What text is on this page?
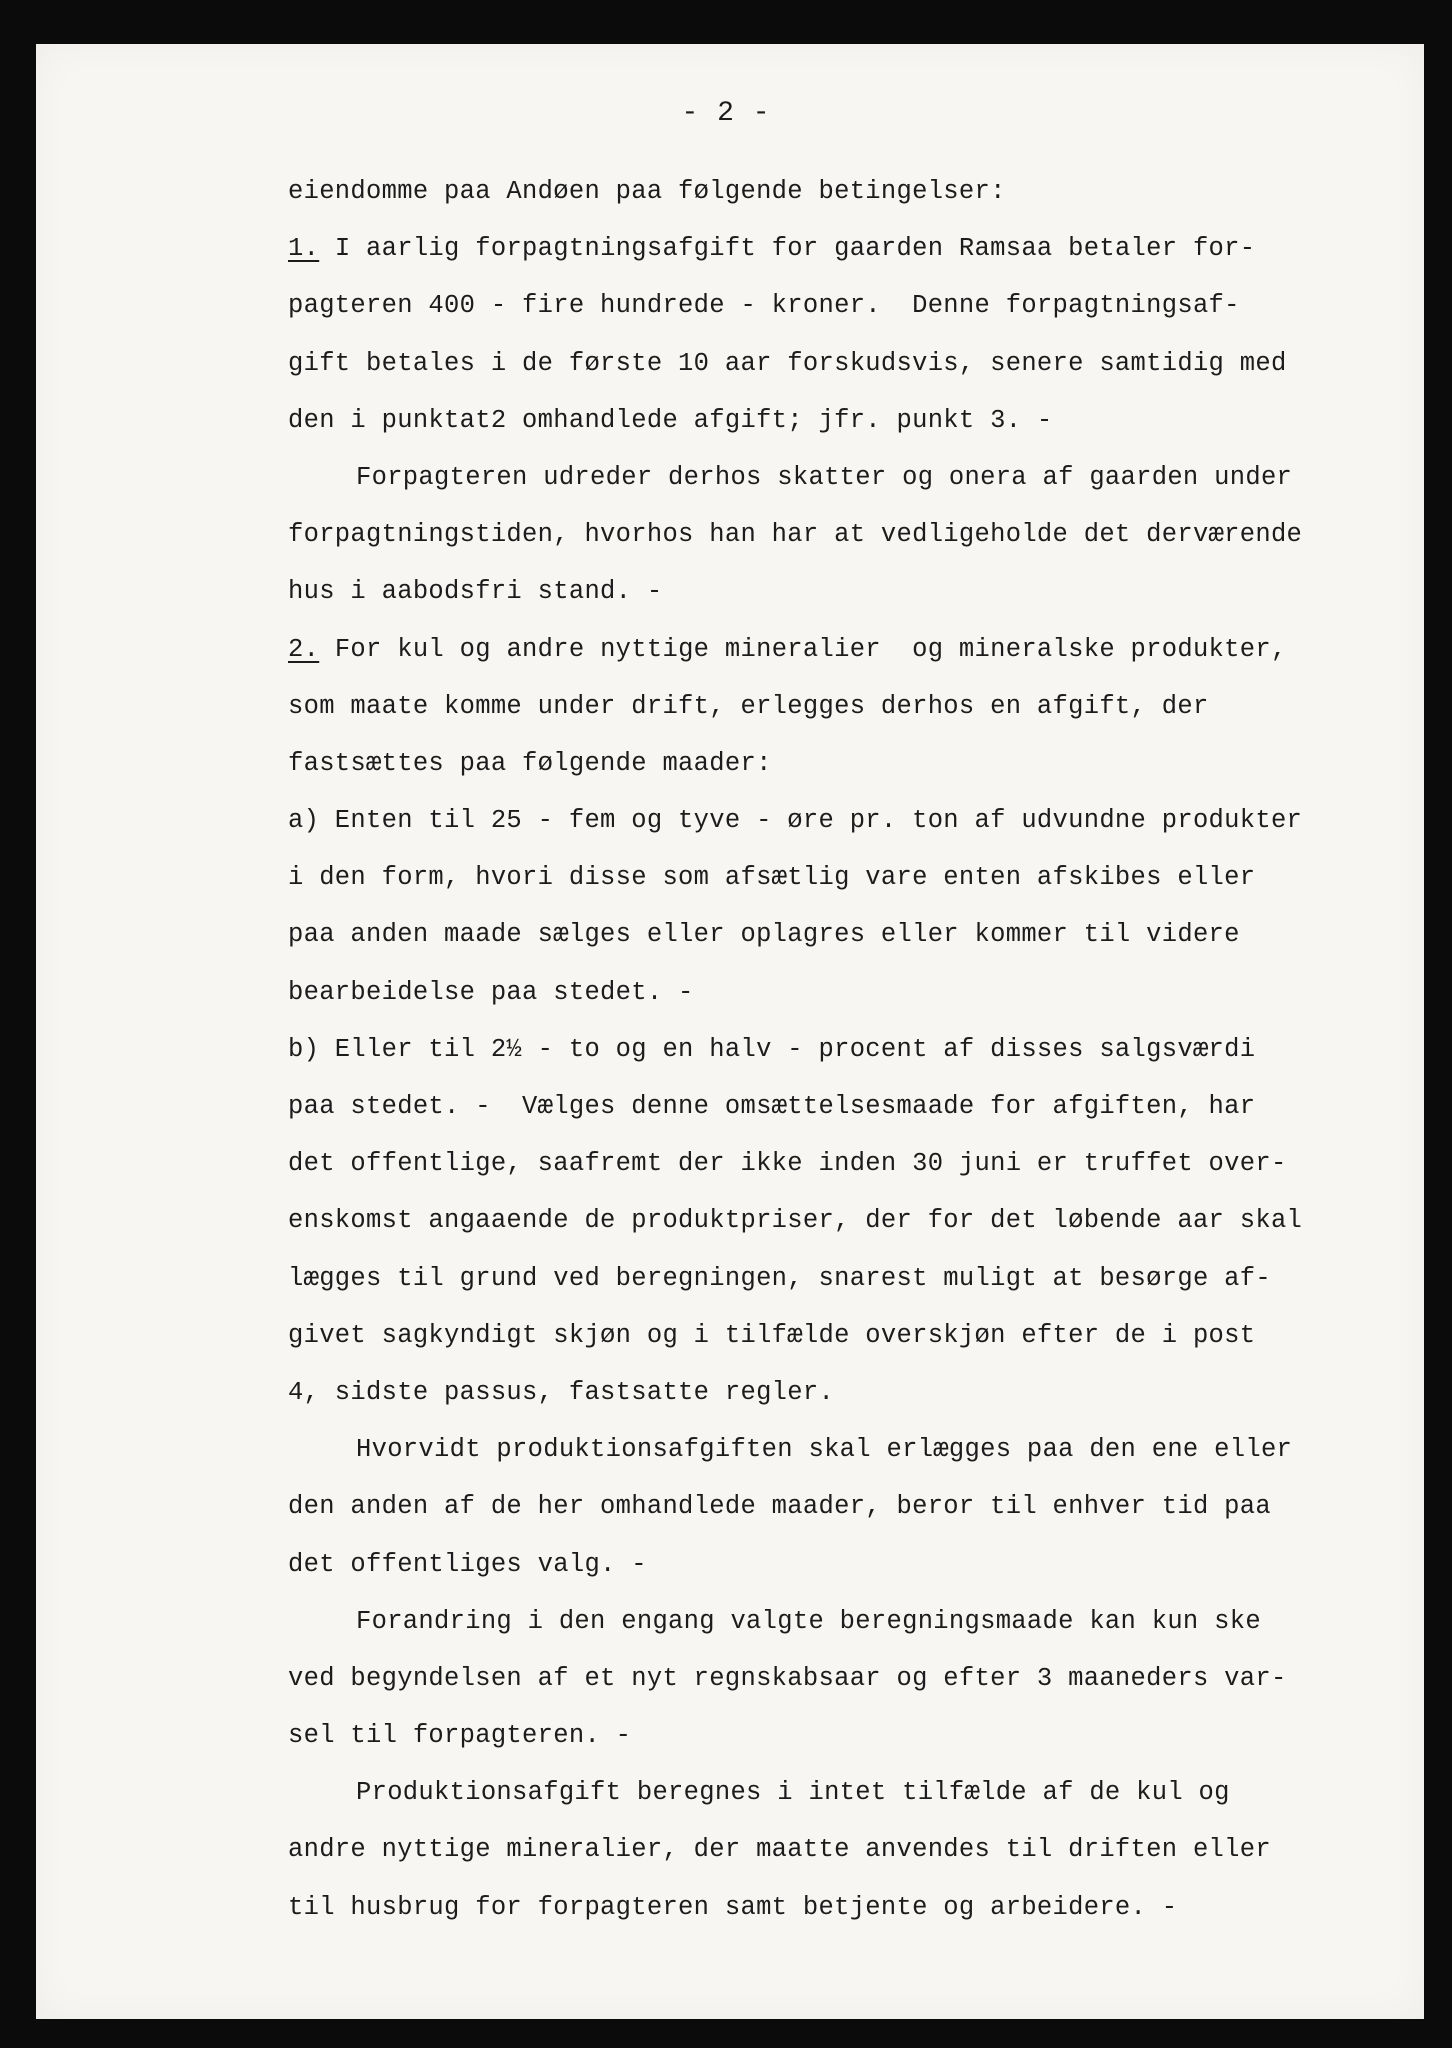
- 2 -
eiendomme paa Andøen paa følgende betingelser:
1. I aarlig forpagtningsafgift for gaarden Ramsaa betaler for-
pagteren 400 - fire hundrede - kroner.  Denne forpagtningsaf-
gift betales i de første 10 aar forskudsvis, senere samtidig med
den i punktat2 omhandlede afgift; jfr. punkt 3. -
Forpagteren udreder derhos skatter og onera af gaarden under
forpagtningstiden, hvorhos han har at vedligeholde det derværende
hus i aabodsfri stand. -
2. For kul og andre nyttige mineralier  og mineralske produkter,
som maate komme under drift, erlegges derhos en afgift, der
fastsættes paa følgende maader:
a) Enten til 25 - fem og tyve - øre pr. ton af udvundne produkter
i den form, hvori disse som afsætlig vare enten afskibes eller
paa anden maade sælges eller oplagres eller kommer til videre
bearbeidelse paa stedet. -
b) Eller til 2½ - to og en halv - procent af disses salgsværdi
paa stedet. -  Vælges denne omsættelsesmaade for afgiften, har
det offentlige, saafremt der ikke inden 30 juni er truffet over-
enskomst angaaende de produktpriser, der for det løbende aar skal
lægges til grund ved beregningen, snarest muligt at besørge af-
givet sagkyndigt skjøn og i tilfælde overskjøn efter de i post
4, sidste passus, fastsatte regler.
Hvorvidt produktionsafgiften skal erlægges paa den ene eller
den anden af de her omhandlede maader, beror til enhver tid paa
det offentliges valg. -
Forandring i den engang valgte beregningsmaade kan kun ske
ved begyndelsen af et nyt regnskabsaar og efter 3 maaneders var-
sel til forpagteren. -
Produktionsafgift beregnes i intet tilfælde af de kul og
andre nyttige mineralier, der maatte anvendes til driften eller
til husbrug for forpagteren samt betjente og arbeidere. -
